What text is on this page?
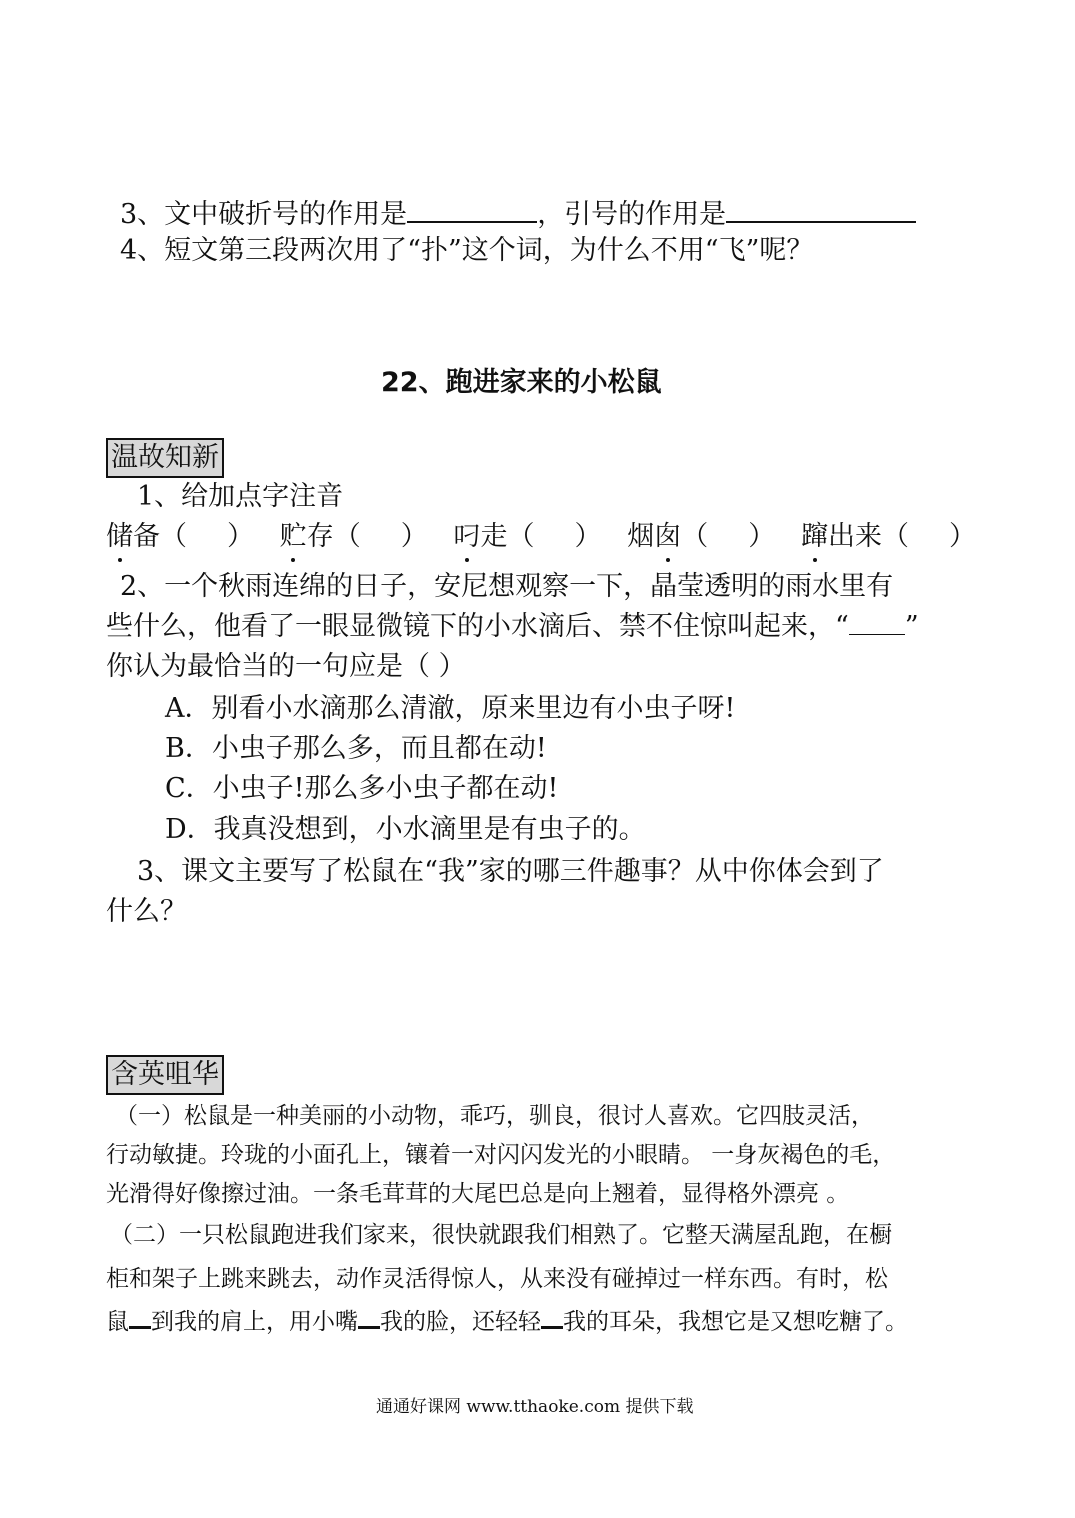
3、文中破折号的作用是	，引号的作用是
4、短文第三段两次用了“扑”这个词，为什么不用“飞”呢？
22、跑进家来的小松鼠
温故知新
1、给加点字注音
储备（ ） 贮存（ ） 叼走（ ） 烟囱（ ） 蹿出来（ ）
2、一个秋雨连绵的日子，安尼想观察一下，晶莹透明的雨水里有
些什么，他看了一眼显微镜下的小水滴后、禁不住惊叫起来，“ ”
你认为最恰当的一句应是（ ）
A．别看小水滴那么清澈，原来里边有小虫子呀!
B．小虫子那么多，而且都在动!
C．小虫子!那么多小虫子都在动!
D．我真没想到，小水滴里是有虫子的。
3、课文主要写了松鼠在“我”家的哪三件趣事？从中你体会到了
什么？
含英咀华
（一）松鼠是一种美丽的小动物，乖巧，驯良，很讨人喜欢。它四肢灵活，
行动敏捷。玲珑的小面孔上，镶着一对闪闪发光的小眼睛。 一身灰褐色的毛，
光滑得好像擦过油。一条毛茸茸的大尾巴总是向上翘着，显得格外漂亮 。
（二）一只松鼠跑进我们家来，很快就跟我们相熟了。它整天满屋乱跑，在橱
柜和架子上跳来跳去，动作灵活得惊人，从来没有碰掉过一样东西。有时，松
鼠 到我的肩上，用小嘴 我的脸，还轻轻 我的耳朵，我想它是又想吃糖了。
通通好课网 www.tthaoke.com 提供下载
